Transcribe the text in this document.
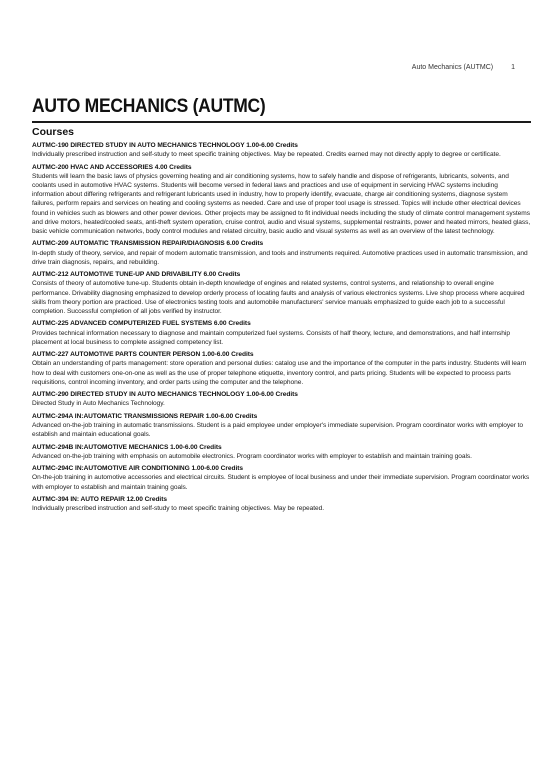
Auto Mechanics (AUTMC)	1
AUTO MECHANICS (AUTMC)
Courses
AUTMC-190 DIRECTED STUDY IN AUTO MECHANICS TECHNOLOGY 1.00-6.00 Credits
Individually prescribed instruction and self-study to meet specific training objectives. May be repeated. Credits earned may not directly apply to degree or certificate.
AUTMC-200 HVAC AND ACCESSORIES 4.00 Credits
Students will learn the basic laws of physics governing heating and air conditioning systems, how to safely handle and dispose of refrigerants, lubricants, solvents, and coolants used in automotive HVAC systems. Students will become versed in federal laws and practices and use of equipment in servicing HVAC systems including information about differing refrigerants and refrigerant lubricants used in industry, how to properly identify, evacuate, charge air conditioning systems, diagnose system failures, perform repairs and services on heating and cooling systems as needed. Care and use of proper tool usage is stressed. Topics will include other electrical devices found in vehicles such as blowers and other power devices. Other projects may be assigned to fit individual needs including the study of climate control management systems and drive motors, heated/cooled seats, anti-theft system operation, cruise control, audio and visual systems, supplemental restraints, power and heated mirrors, heated glass, basic vehicle communication networks, body control modules and related circuitry, basic audio and visual systems as well as an overview of the latest technology.
AUTMC-209 AUTOMATIC TRANSMISSION REPAIR/DIAGNOSIS 6.00 Credits
In-depth study of theory, service, and repair of modern automatic transmission, and tools and instruments required. Automotive practices used in automatic transmission, and drive train diagnosis, repairs, and rebuilding.
AUTMC-212 AUTOMOTIVE TUNE-UP AND DRIVABILITY 6.00 Credits
Consists of theory of automotive tune-up. Students obtain in-depth knowledge of engines and related systems, control systems, and relationship to overall engine performance. Drivability diagnosing emphasized to develop orderly process of locating faults and analysis of various electronics systems. Live shop process where acquired skills from theory portion are practiced. Use of electronics testing tools and automobile manufacturers' service manuals emphasized to guide each job to a successful completion. Successful completion of all jobs verified by instructor.
AUTMC-225 ADVANCED COMPUTERIZED FUEL SYSTEMS 6.00 Credits
Provides technical information necessary to diagnose and maintain computerized fuel systems. Consists of half theory, lecture, and demonstrations, and half internship placement at local business to complete assigned competency list.
AUTMC-227 AUTOMOTIVE PARTS COUNTER PERSON 1.00-6.00 Credits
Obtain an understanding of parts management: store operation and personal duties: catalog use and the importance of the computer in the parts industry. Students will learn how to deal with customers one-on-one as well as the use of proper telephone etiquette, inventory control, and parts pricing. Students will be expected to process parts requisitions, control incoming inventory, and order parts using the computer and the telephone.
AUTMC-290 DIRECTED STUDY IN AUTO MECHANICS TECHNOLOGY 1.00-6.00 Credits
Directed Study in Auto Mechanics Technology.
AUTMC-294A IN:AUTOMATIC TRANSMISSIONS REPAIR 1.00-6.00 Credits
Advanced on-the-job training in automatic transmissions. Student is a paid employee under employer's immediate supervision. Program coordinator works with employer to establish and maintain educational goals.
AUTMC-294B IN:AUTOMOTIVE MECHANICS 1.00-6.00 Credits
Advanced on-the-job training with emphasis on automobile electronics. Program coordinator works with employer to establish and maintain training goals.
AUTMC-294C IN:AUTOMOTIVE AIR CONDITIONING 1.00-6.00 Credits
On-the-job training in automotive accessories and electrical circuits. Student is employee of local business and under their immediate supervision. Program coordinator works with employer to establish and maintain training goals.
AUTMC-394 IN: AUTO REPAIR 12.00 Credits
Individually prescribed instruction and self-study to meet specific training objectives. May be repeated.
